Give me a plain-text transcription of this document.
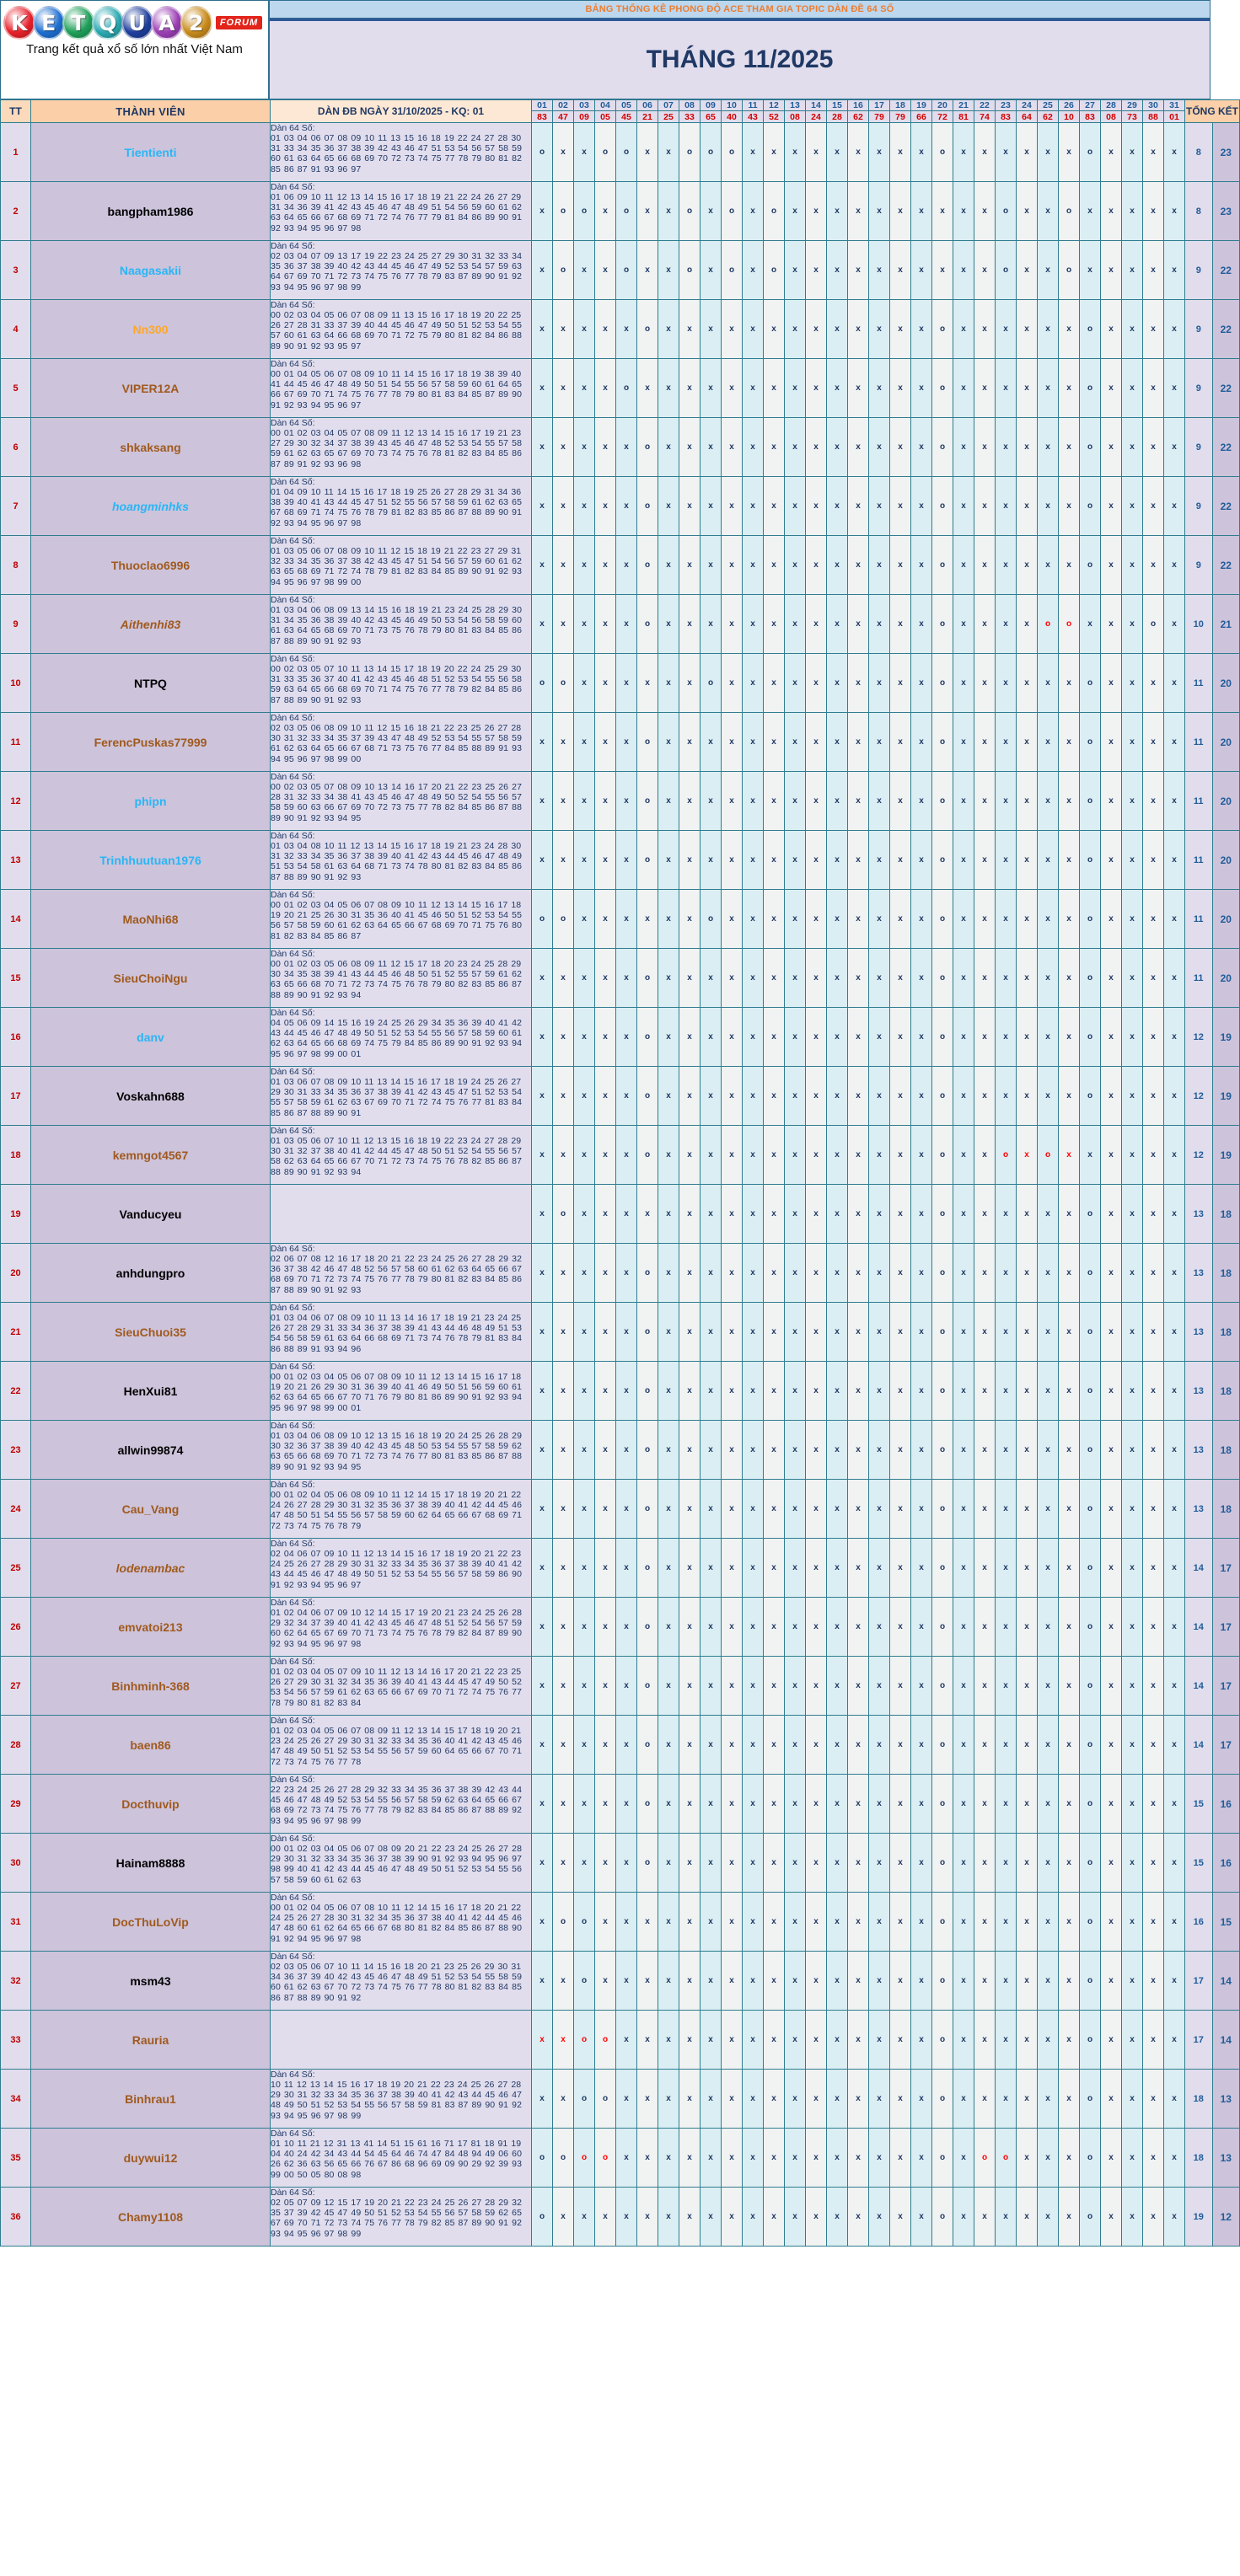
K E T Q U A 2	FORUM
Trang kết quả xổ số lớn nhất Việt Nam
BẢNG THỐNG KÊ PHONG ĐỘ ACE THAM GIA TOPIC DÀN ĐỀ 64 SỐ
THÁNG 11/2025
TT	THÀNH VIÊN	DÀN ĐB NGÀY 31/10/2025 - KQ: 01	01	02	03	04	05	06	07	08	09	10	11	12	13	14	15	16	17	18	19	20	21	22	23	24	25	26	27	28	29	30	31	TỔNG KẾT	
			83	47	09	05	45	21	25	33	65	40	43	52	08	24	28	62	79	79	66	72	81	74	83	64	62	10	83	08	73	88	01		
1	Tientienti	Dàn 64 Số:
01 03 04 06 07 08 09 10 11 13 15 16 18 19 22 24 27 28 30 31 33 34 35 36 37 38 39 42 43 46 47 51 53 54 56 57 58 59 60 61 63 64 65 66 68 69 70 72 73 74 75 77 78 79 80 81 82 85 86 87 91 93 96 97	o	x	x	o	o	x	x	o	o	o	x	x	x	x	x	x	x	x	x	o	x	x	x	x	x	x	o	x	x	x	x	8	23
2	bangpham1986	Dàn 64 Số:
01 06 09 10 11 12 13 14 15 16 17 18 19 21 22 24 26 27 29 31 34 36 39 41 42 43 45 46 47 48 49 51 54 56 59 60 61 62 63 64 65 66 67 68 69 71 72 74 76 77 79 81 84 86 89 90 91 92 93 94 95 96 97 98	x	o	o	x	o	x	x	o	x	o	x	o	x	x	x	x	x	x	x	x	x	x	o	x	x	o	x	x	x	x	x	8	23
3	Naagasakii	Dàn 64 Số:
02 03 04 07 09 13 17 19 22 23 24 25 27 29 30 31 32 33 34 35 36 37 38 39 40 42 43 44 45 46 47 49 52 53 54 57 59 63 64 67 69 70 71 72 73 74 75 76 77 78 79 83 87 89 90 91 92 93 94 95 96 97 98 99	x	o	x	x	o	x	x	o	x	o	x	o	x	x	x	x	x	x	x	x	x	x	o	x	x	o	x	x	x	x	x	9	22
4	Nn300	Dàn 64 Số:
00 02 03 04 05 06 07 08 09 11 13 15 16 17 18 19 20 22 25 26 27 28 31 33 37 39 40 44 45 46 47 49 50 51 52 53 54 55 57 60 61 63 64 66 68 69 70 71 72 75 79 80 81 82 84 86 88 89 90 91 92 93 95 97	x	x	x	x	x	o	x	x	x	x	x	x	x	x	x	x	x	x	x	o	x	x	x	x	x	x	o	x	x	x	x	9	22
5	VIPER12A	Dàn 64 Số:
00 01 04 05 06 07 08 09 10 11 14 15 16 17 18 19 38 39 40 41 44 45 46 47 48 49 50 51 54 55 56 57 58 59 60 61 64 65 66 67 69 70 71 74 75 76 77 78 79 80 81 83 84 85 87 89 90 91 92 93 94 95 96 97	x	x	x	x	o	x	x	x	x	x	x	x	x	x	x	x	x	x	x	o	x	x	x	x	x	x	o	x	x	x	x	9	22
6	shkaksang	Dàn 64 Số:
00 01 02 03 04 05 07 08 09 11 12 13 14 15 16 17 19 21 23 27 29 30 32 34 37 38 39 43 45 46 47 48 52 53 54 55 57 58 59 61 62 63 65 67 69 70 73 74 75 76 78 81 82 83 84 85 86 87 89 91 92 93 96 98	x	x	x	x	x	o	x	x	x	x	x	x	x	x	x	x	x	x	x	o	x	x	x	x	x	x	o	x	x	x	x	9	22
7	hoangminhks	Dàn 64 Số:
01 04 09 10 11 14 15 16 17 18 19 25 26 27 28 29 31 34 36 38 39 40 41 43 44 45 47 51 52 55 56 57 58 59 61 62 63 65 67 68 69 71 74 75 76 78 79 81 82 83 85 86 87 88 89 90 91 92 93 94 95 96 97 98	x	x	x	x	x	o	x	x	x	x	x	x	x	x	x	x	x	x	x	o	x	x	x	x	x	x	o	x	x	x	x	9	22
8	Thuoclao6996	Dàn 64 Số:
01 03 05 06 07 08 09 10 11 12 15 18 19 21 22 23 27 29 31 32 33 34 35 36 37 38 42 43 45 47 51 54 56 57 59 60 61 62 63 65 68 69 71 72 74 78 79 81 82 83 84 85 89 90 91 92 93 94 95 96 97 98 99 00	x	x	x	x	x	o	x	x	x	x	x	x	x	x	x	x	x	x	x	o	x	x	x	x	x	x	o	x	x	x	x	9	22
9	Aithenhi83	Dàn 64 Số:
01 03 04 06 08 09 13 14 15 16 18 19 21 23 24 25 28 29 30 31 34 35 36 38 39 40 42 43 45 46 49 50 53 54 56 58 59 60 61 63 64 65 68 69 70 71 73 75 76 78 79 80 81 83 84 85 86 87 88 89 90 91 92 93	x	x	x	x	x	o	x	x	x	x	x	x	x	x	x	x	x	x	x	o	x	x	x	x	o	o	x	x	x	o	x	10	21
10	NTPQ	Dàn 64 Số:
00 02 03 05 07 10 11 13 14 15 17 18 19 20 22 24 25 29 30 31 33 35 36 37 40 41 42 43 45 46 48 51 52 53 54 55 56 58 59 63 64 65 66 68 69 70 71 74 75 76 77 78 79 82 84 85 86 87 88 89 90 91 92 93	o	o	x	x	x	x	x	x	o	x	x	x	x	x	x	x	x	x	x	o	x	x	x	x	x	x	o	x	x	x	x	11	20
11	FerencPuskas77999	Dàn 64 Số:
02 03 05 06 08 09 10 11 12 15 16 18 21 22 23 25 26 27 28 30 31 32 33 34 35 37 39 43 47 48 49 52 53 54 55 57 58 59 61 62 63 64 65 66 67 68 71 73 75 76 77 84 85 88 89 91 93 94 95 96 97 98 99 00	x	x	x	x	x	o	x	x	x	x	x	x	x	x	x	x	x	x	x	o	x	x	x	x	x	x	o	x	x	x	x	11	20
12	phipn	Dàn 64 Số:
00 02 03 05 07 08 09 10 13 14 16 17 20 21 22 23 25 26 27 28 31 32 33 34 38 41 43 45 46 47 48 49 50 52 54 55 56 57 58 59 60 63 66 67 69 70 72 73 75 77 78 82 84 85 86 87 88 89 90 91 92 93 94 95	x	x	x	x	x	o	x	x	x	x	x	x	x	x	x	x	x	x	x	o	x	x	x	x	x	x	o	x	x	x	x	11	20
13	Trinhhuutuan1976	Dàn 64 Số:
01 03 04 08 10 11 12 13 14 15 16 17 18 19 21 23 24 28 30 31 32 33 34 35 36 37 38 39 40 41 42 43 44 45 46 47 48 49 51 53 54 58 61 63 64 68 71 73 74 78 80 81 82 83 84 85 86 87 88 89 90 91 92 93	x	x	x	x	x	o	x	x	x	x	x	x	x	x	x	x	x	x	x	o	x	x	x	x	x	x	o	x	x	x	x	11	20
14	MaoNhi68	Dàn 64 Số:
00 01 02 03 04 05 06 07 08 09 10 11 12 13 14 15 16 17 18 19 20 21 25 26 30 31 35 36 40 41 45 46 50 51 52 53 54 55 56 57 58 59 60 61 62 63 64 65 66 67 68 69 70 71 75 76 80 81 82 83 84 85 86 87	o	o	x	x	x	x	x	x	o	x	x	x	x	x	x	x	x	x	x	o	x	x	x	x	x	x	o	x	x	x	x	11	20
15	SieuChoiNgu	Dàn 64 Số:
00 01 02 03 05 06 08 09 11 12 15 17 18 20 23 24 25 28 29 30 34 35 38 39 41 43 44 45 46 48 50 51 52 55 57 59 61 62 63 65 66 68 70 71 72 73 74 75 76 78 79 80 82 83 85 86 87 88 89 90 91 92 93 94	x	x	x	x	x	o	x	x	x	x	x	x	x	x	x	x	x	x	x	o	x	x	x	x	x	x	o	x	x	x	x	11	20
16	danv	Dàn 64 Số:
04 05 06 09 14 15 16 19 24 25 26 29 34 35 36 39 40 41 42 43 44 45 46 47 48 49 50 51 52 53 54 55 56 57 58 59 60 61 62 63 64 65 66 68 69 74 75 79 84 85 86 89 90 91 92 93 94 95 96 97 98 99 00 01	x	x	x	x	x	o	x	x	x	x	x	x	x	x	x	x	x	x	x	o	x	x	x	x	x	x	o	x	x	x	x	12	19
17	Voskahn688	Dàn 64 Số:
01 03 06 07 08 09 10 11 13 14 15 16 17 18 19 24 25 26 27 29 30 31 33 34 35 36 37 38 39 41 42 43 45 47 51 52 53 54 55 57 58 59 61 62 63 67 69 70 71 72 74 75 76 77 81 83 84 85 86 87 88 89 90 91	x	x	x	x	x	o	x	x	x	x	x	x	x	x	x	x	x	x	x	o	x	x	x	x	x	x	o	x	x	x	x	12	19
18	kemngot4567	Dàn 64 Số:
01 03 05 06 07 10 11 12 13 15 16 18 19 22 23 24 27 28 29 30 31 32 37 38 40 41 42 44 45 47 48 50 51 52 54 55 56 57 58 62 63 64 65 66 67 70 71 72 73 74 75 76 78 82 85 86 87 88 89 90 91 92 93 94	x	x	x	x	x	o	x	x	x	x	x	x	x	x	x	x	x	x	x	o	x	x	o	x	o	x	x	x	x	x	x	12	19
19	Vanducyeu		x	o	x	x	x	x	x	x	x	x	x	x	x	x	x	x	x	x	x	o	x	x	x	x	x	x	o	x	x	x	x	13	18
20	anhdungpro	Dàn 64 Số:
02 06 07 08 12 16 17 18 20 21 22 23 24 25 26 27 28 29 32 36 37 38 42 46 47 48 52 56 57 58 60 61 62 63 64 65 66 67 68 69 70 71 72 73 74 75 76 77 78 79 80 81 82 83 84 85 86 87 88 89 90 91 92 93	x	x	x	x	x	o	x	x	x	x	x	x	x	x	x	x	x	x	x	o	x	x	x	x	x	x	o	x	x	x	x	13	18
21	SieuChuoi35	Dàn 64 Số:
01 03 04 06 07 08 09 10 11 13 14 16 17 18 19 21 23 24 25 26 27 28 29 31 33 34 36 37 38 39 41 43 44 46 48 49 51 53 54 56 58 59 61 63 64 66 68 69 71 73 74 76 78 79 81 83 84 86 88 89 91 93 94 96	x	x	x	x	x	o	x	x	x	x	x	x	x	x	x	x	x	x	x	o	x	x	x	x	x	x	o	x	x	x	x	13	18
22	HenXui81	Dàn 64 Số:
00 01 02 03 04 05 06 07 08 09 10 11 12 13 14 15 16 17 18 19 20 21 26 29 30 31 36 39 40 41 46 49 50 51 56 59 60 61 62 63 64 65 66 67 70 71 76 79 80 81 86 89 90 91 92 93 94 95 96 97 98 99 00 01	x	x	x	x	x	o	x	x	x	x	x	x	x	x	x	x	x	x	x	o	x	x	x	x	x	x	o	x	x	x	x	13	18
23	allwin99874	Dàn 64 Số:
01 03 04 06 08 09 10 12 13 15 16 18 19 20 24 25 26 28 29 30 32 36 37 38 39 40 42 43 45 48 50 53 54 55 57 58 59 62 63 65 66 68 69 70 71 72 73 74 76 77 80 81 83 85 86 87 88 89 90 91 92 93 94 95	x	x	x	x	x	o	x	x	x	x	x	x	x	x	x	x	x	x	x	o	x	x	x	x	x	x	o	x	x	x	x	13	18
24	Cau_Vang	Dàn 64 Số:
00 01 02 04 05 06 08 09 10 11 12 14 15 17 18 19 20 21 22 24 26 27 28 29 30 31 32 35 36 37 38 39 40 41 42 44 45 46 47 48 50 51 54 55 56 57 58 59 60 62 64 65 66 67 68 69 71 72 73 74 75 76 78 79	x	x	x	x	x	o	x	x	x	x	x	x	x	x	x	x	x	x	x	o	x	x	x	x	x	x	o	x	x	x	x	13	18
25	lodenambac	Dàn 64 Số:
02 04 06 07 09 10 11 12 13 14 15 16 17 18 19 20 21 22 23 24 25 26 27 28 29 30 31 32 33 34 35 36 37 38 39 40 41 42 43 44 45 46 47 48 49 50 51 52 53 54 55 56 57 58 59 86 90 91 92 93 94 95 96 97	x	x	x	x	x	o	x	x	x	x	x	x	x	x	x	x	x	x	x	o	x	x	x	x	x	x	o	x	x	x	x	14	17
26	emvatoi213	Dàn 64 Số:
01 02 04 06 07 09 10 12 14 15 17 19 20 21 23 24 25 26 28 29 32 34 37 39 40 41 42 43 45 46 47 48 51 52 54 56 57 59 60 62 64 65 67 69 70 71 73 74 75 76 78 79 82 84 87 89 90 92 93 94 95 96 97 98	x	x	x	x	x	o	x	x	x	x	x	x	x	x	x	x	x	x	x	o	x	x	x	x	x	x	o	x	x	x	x	14	17
27	Binhminh-368	Dàn 64 Số:
01 02 03 04 05 07 09 10 11 12 13 14 16 17 20 21 22 23 25 26 27 29 30 31 32 34 35 36 39 40 41 43 44 45 47 49 50 52 53 54 56 57 59 61 62 63 65 66 67 69 70 71 72 74 75 76 77 78 79 80 81 82 83 84	x	x	x	x	x	o	x	x	x	x	x	x	x	x	x	x	x	x	x	o	x	x	x	x	x	x	o	x	x	x	x	14	17
28	baen86	Dàn 64 Số:
01 02 03 04 05 06 07 08 09 11 12 13 14 15 17 18 19 20 21 23 24 25 26 27 29 30 31 32 33 34 35 36 40 41 42 43 45 46 47 48 49 50 51 52 53 54 55 56 57 59 60 64 65 66 67 70 71 72 73 74 75 76 77 78	x	x	x	x	x	o	x	x	x	x	x	x	x	x	x	x	x	x	x	o	x	x	x	x	x	x	o	x	x	x	x	14	17
29	Docthuvip	Dàn 64 Số:
22 23 24 25 26 27 28 29 32 33 34 35 36 37 38 39 42 43 44 45 46 47 48 49 52 53 54 55 56 57 58 59 62 63 64 65 66 67 68 69 72 73 74 75 76 77 78 79 82 83 84 85 86 87 88 89 92 93 94 95 96 97 98 99	x	x	x	x	x	o	x	x	x	x	x	x	x	x	x	x	x	x	x	o	x	x	x	x	x	x	o	x	x	x	x	15	16
30	Hainam8888	Dàn 64 Số:
00 01 02 03 04 05 06 07 08 09 20 21 22 23 24 25 26 27 28 29 30 31 32 33 34 35 36 37 38 39 90 91 92 93 94 95 96 97 98 99 40 41 42 43 44 45 46 47 48 49 50 51 52 53 54 55 56 57 58 59 60 61 62 63	x	x	x	x	x	o	x	x	x	x	x	x	x	x	x	x	x	x	x	o	x	x	x	x	x	x	o	x	x	x	x	15	16
31	DocThuLoVip	Dàn 64 Số:
00 01 02 04 05 06 07 08 10 11 12 14 15 16 17 18 20 21 22 24 25 26 27 28 30 31 32 34 35 36 37 38 40 41 42 44 45 46 47 48 60 61 62 64 65 66 67 68 80 81 82 84 85 86 87 88 90 91 92 94 95 96 97 98	x	o	o	x	x	x	x	x	x	x	x	x	x	x	x	x	x	x	x	o	x	x	x	x	x	x	o	x	x	x	x	16	15
32	msm43	Dàn 64 Số:
02 03 05 06 07 10 11 14 15 16 18 20 21 23 25 26 29 30 31 34 36 37 39 40 42 43 45 46 47 48 49 51 52 53 54 55 58 59 60 61 62 63 67 70 72 73 74 75 76 77 78 80 81 82 83 84 85 86 87 88 89 90 91 92	x	x	o	x	x	x	x	x	x	x	x	x	x	x	x	x	x	x	x	o	x	x	x	x	x	x	o	x	x	x	x	17	14
33	Rauria		x	x	o	o	x	x	x	x	x	x	x	x	x	x	x	x	x	x	x	o	x	x	x	x	x	x	o	x	x	x	x	17	14
34	Binhrau1	Dàn 64 Số:
10 11 12 13 14 15 16 17 18 19 20 21 22 23 24 25 26 27 28 29 30 31 32 33 34 35 36 37 38 39 40 41 42 43 44 45 46 47 48 49 50 51 52 53 54 55 56 57 58 59 81 83 87 89 90 91 92 93 94 95 96 97 98 99	x	x	o	o	x	x	x	x	x	x	x	x	x	x	x	x	x	x	x	o	x	x	x	x	x	x	o	x	x	x	x	18	13
35	duywui12	Dàn 64 Số:
01 10 11 21 12 31 13 41 14 51 15 61 16 71 17 81 18 91 19 04 40 24 42 34 43 44 54 45 64 46 74 47 84 48 94 49 06 60 26 62 36 63 56 65 66 76 67 86 68 96 69 09 90 29 92 39 93 99 00 50 05 80 08 98	o	o	o	o	x	x	x	x	x	x	x	x	x	x	x	x	x	x	x	o	x	o	o	x	x	x	o	x	x	x	x	18	13
36	Chamy1108	Dàn 64 Số:
02 05 07 09 12 15 17 19 20 21 22 23 24 25 26 27 28 29 32 35 37 39 42 45 47 49 50 51 52 53 54 55 56 57 58 59 62 65 67 69 70 71 72 73 74 75 76 77 78 79 82 85 87 89 90 91 92 93 94 95 96 97 98 99	o	x	x	x	x	x	x	x	x	x	x	x	x	x	x	x	x	x	x	o	x	x	x	x	x	x	o	x	x	x	x	19	12
